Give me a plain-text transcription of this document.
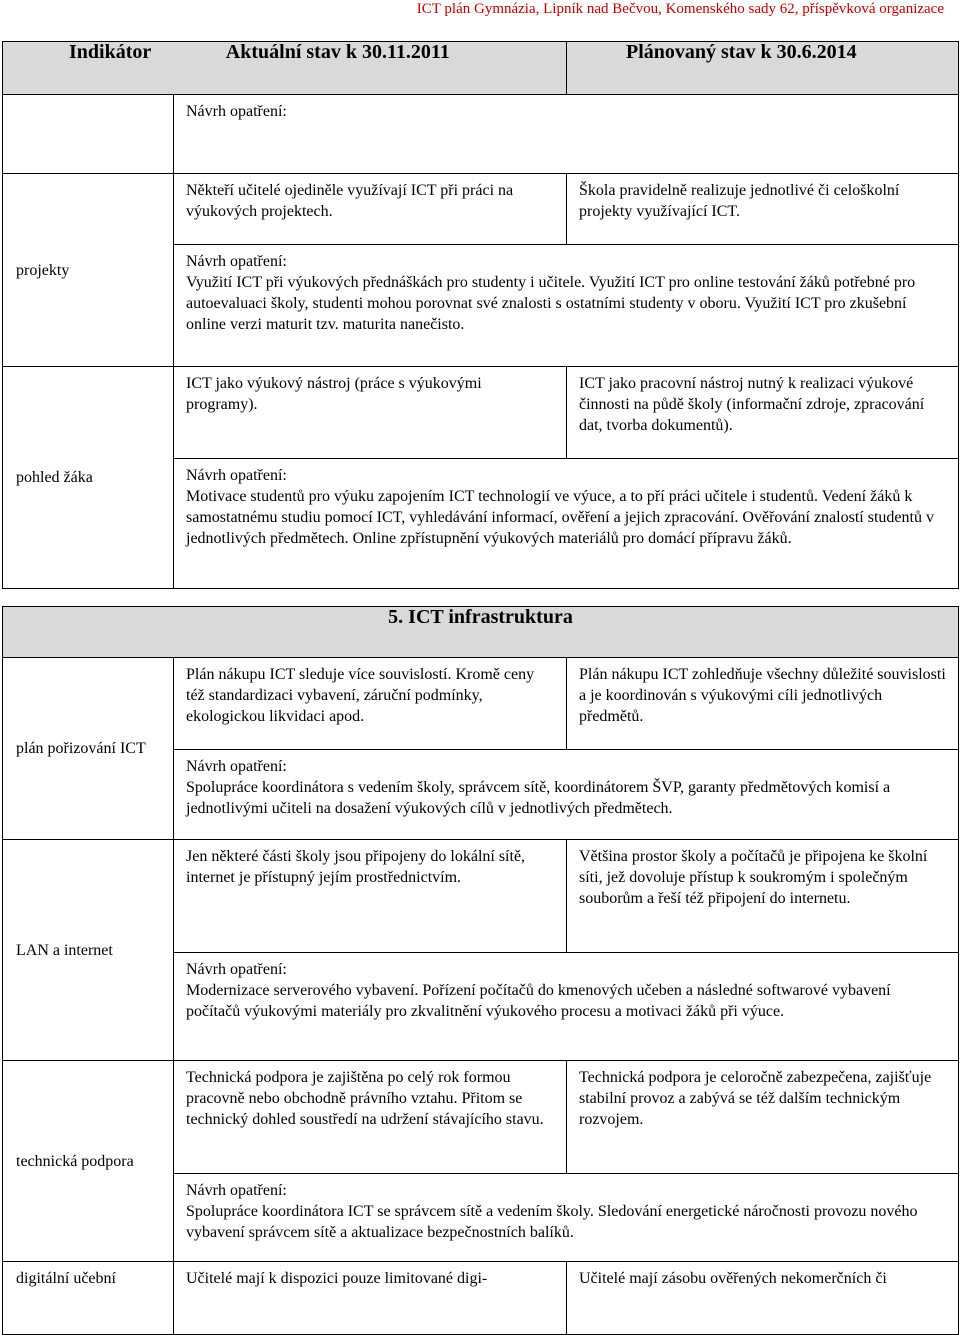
ICT plán Gymnázia, Lipník nad Bečvou, Komenského sady 62, příspěvková organizace
Indikátor Aktuální stav k 30.11.2011		Plánovaný stav k 30.6.2014

	Návrh opatření:	

projekty	Někteří učitelé ojediněle využívají ICT při práci na výukových projektech.	Škola pravidelně realizuje jednotlivé či celoškolní projekty využívající ICT.

	Návrh opatření:
Využití ICT při výukových přednáškách pro studenty i učitele. Využití ICT pro online testování žáků potřebné pro autoevaluaci školy, studenti mohou porovnat své znalosti s ostatními studenty v oboru. Využití ICT pro zkušební online verzi maturit tzv. maturita nanečisto.	
pohled žáka	ICT jako výukový nástroj (práce s výukovými programy).	ICT jako pracovní nástroj nutný k realizaci výukové činnosti na půdě školy (informační zdroje, zpracování dat, tvorba dokumentů).

	Návrh opatření:
Motivace studentů pro výuku zapojením ICT technologií ve výuce, a to pří práci učitele i studentů. Vedení žáků k samostatnému studiu pomocí ICT, vyhledávání informací, ověření a jejich zpracování. Ověřování znalostí studentů v jednotlivých předmětech. Online zpřístupnění výukových materiálů pro domácí přípravu žáků.	

5. ICT infrastruktura		
plán pořizování ICT	Plán nákupu ICT sleduje více souvislostí. Kromě ceny též standardizaci vybavení, záruční podmínky, ekologickou likvidaci apod.	Plán nákupu ICT zohledňuje všechny důležité souvislosti a je koordinován s výukovými cíli jednotlivých předmětů.

	Návrh opatření:
Spolupráce koordinátora s vedením školy, správcem sítě, koordinátorem ŠVP, garanty předmětových komisí a jednotlivými učiteli na dosažení výukových cílů v jednotlivých předmětech.	
LAN a internet	Jen některé části školy jsou připojeny do lokální sítě, internet je přístupný jejím prostřednictvím.	Většina prostor školy a počítačů je připojena ke školní síti, jež dovoluje přístup k soukromým i společným souborům a řeší též připojení do internetu.

	Návrh opatření:
Modernizace serverového vybavení. Pořízení počítačů do kmenových učeben a následné softwarové vybavení počítačů výukovými materiály pro zkvalitnění výukového procesu a motivaci žáků při výuce.	
technická podpora	Technická podpora je zajištěna po celý rok formou pracovně nebo obchodně právního vztahu. Přitom se technický dohled soustředí na udržení stávajícího stavu.	Technická podpora je celoročně zabezpečena, zajišťuje stabilní provoz a zabývá se též dalším technickým rozvojem.

	Návrh opatření:
Spolupráce koordinátora ICT se správcem sítě a vedením školy. Sledování energetické náročnosti provozu nového vybavení správcem sítě a aktualizace bezpečnostních balíků.	
digitální učební	Učitelé mají k dispozici pouze limitované digi-	Učitelé mají zásobu ověřených nekomerčních či
